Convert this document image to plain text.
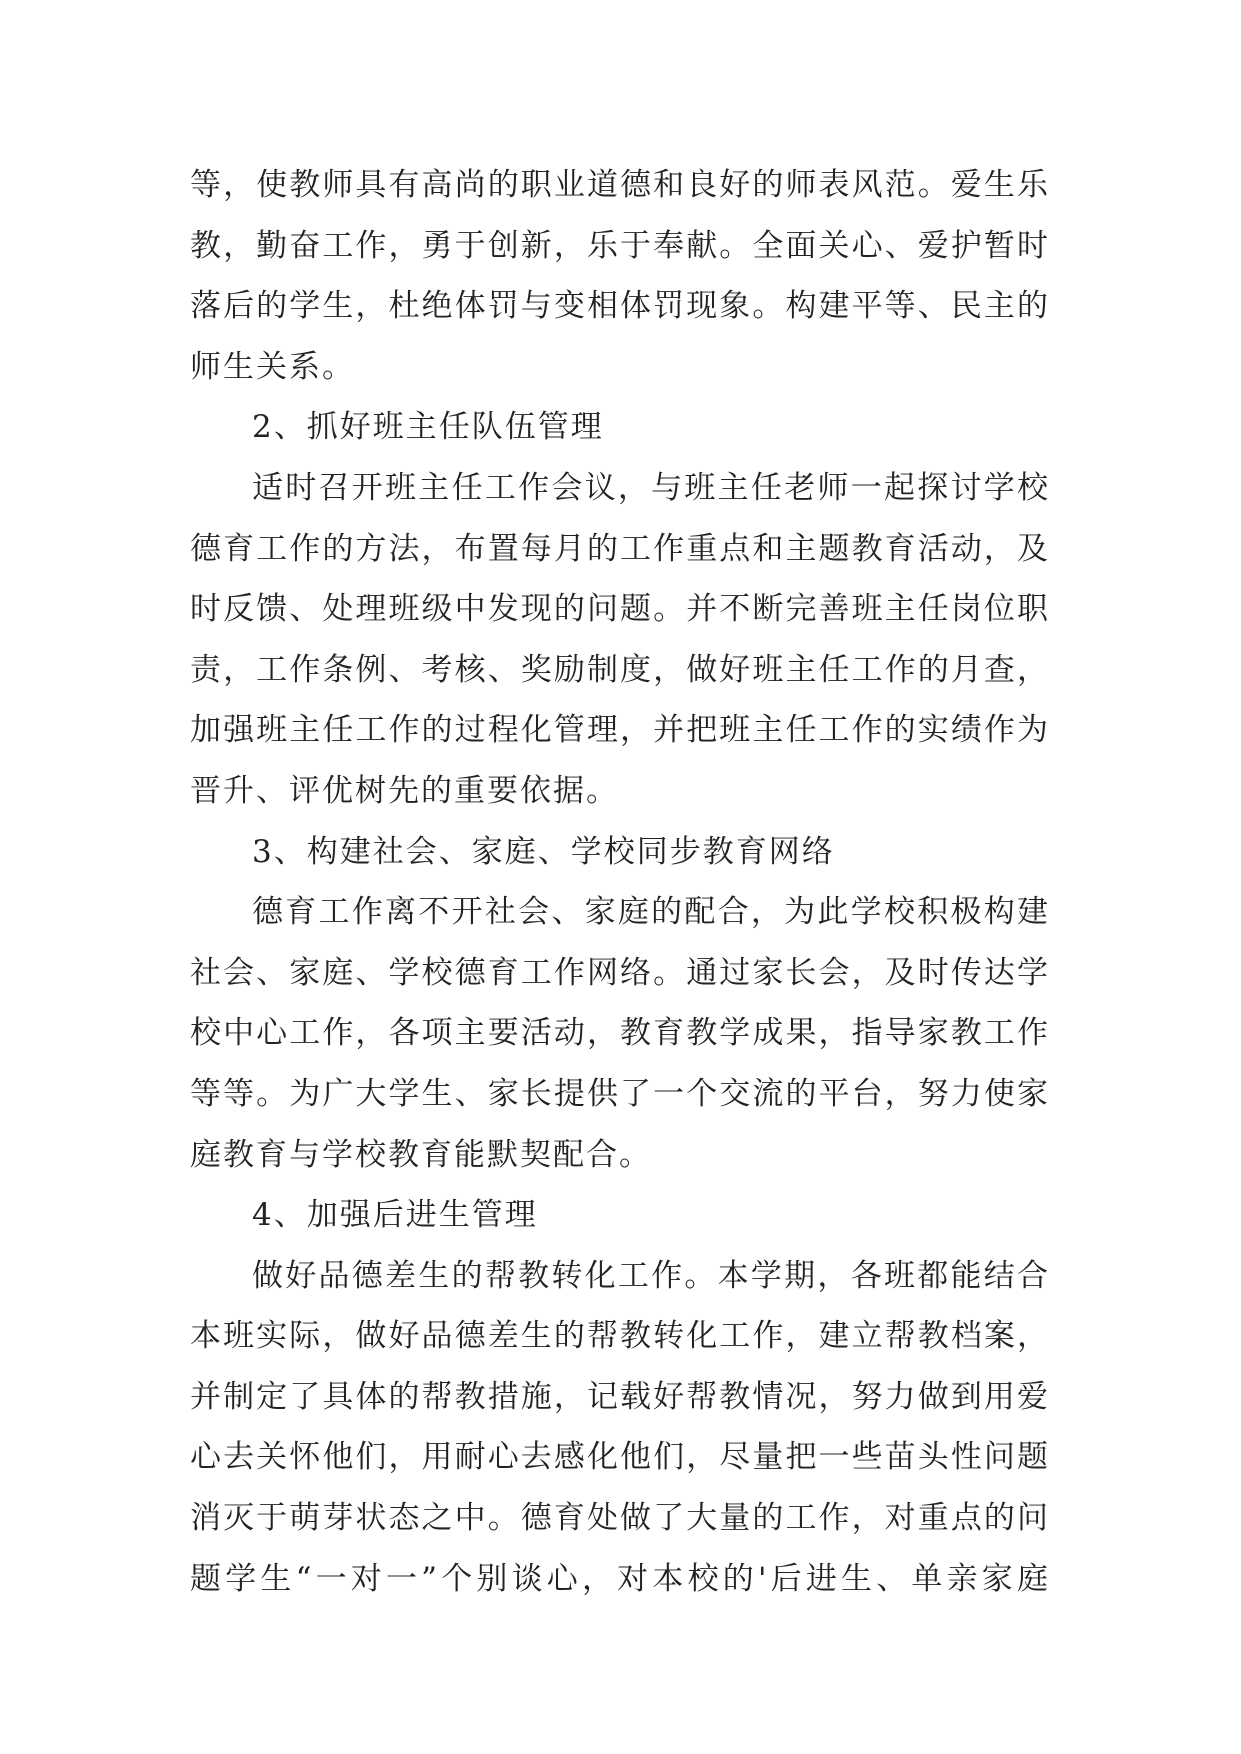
等，使教师具有高尚的职业道德和良好的师表风范。爱生乐
教，勤奋工作，勇于创新，乐于奉献。全面关心、爱护暂时
落后的学生，杜绝体罚与变相体罚现象。构建平等、民主的
师生关系。
2、抓好班主任队伍管理
适时召开班主任工作会议，与班主任老师一起探讨学校
德育工作的方法，布置每月的工作重点和主题教育活动，及
时反馈、处理班级中发现的问题。并不断完善班主任岗位职
责，工作条例、考核、奖励制度，做好班主任工作的月查，
加强班主任工作的过程化管理，并把班主任工作的实绩作为
晋升、评优树先的重要依据。
3、构建社会、家庭、学校同步教育网络
德育工作离不开社会、家庭的配合，为此学校积极构建
社会、家庭、学校德育工作网络。通过家长会，及时传达学
校中心工作，各项主要活动，教育教学成果，指导家教工作
等等。为广大学生、家长提供了一个交流的平台，努力使家
庭教育与学校教育能默契配合。
4、加强后进生管理
做好品德差生的帮教转化工作。本学期，各班都能结合
本班实际，做好品德差生的帮教转化工作，建立帮教档案，
并制定了具体的帮教措施，记载好帮教情况，努力做到用爱
心去关怀他们，用耐心去感化他们，尽量把一些苗头性问题
消灭于萌芽状态之中。德育处做了大量的工作，对重点的问
题学生“一对一”个别谈心，对本校的'后进生、单亲家庭
